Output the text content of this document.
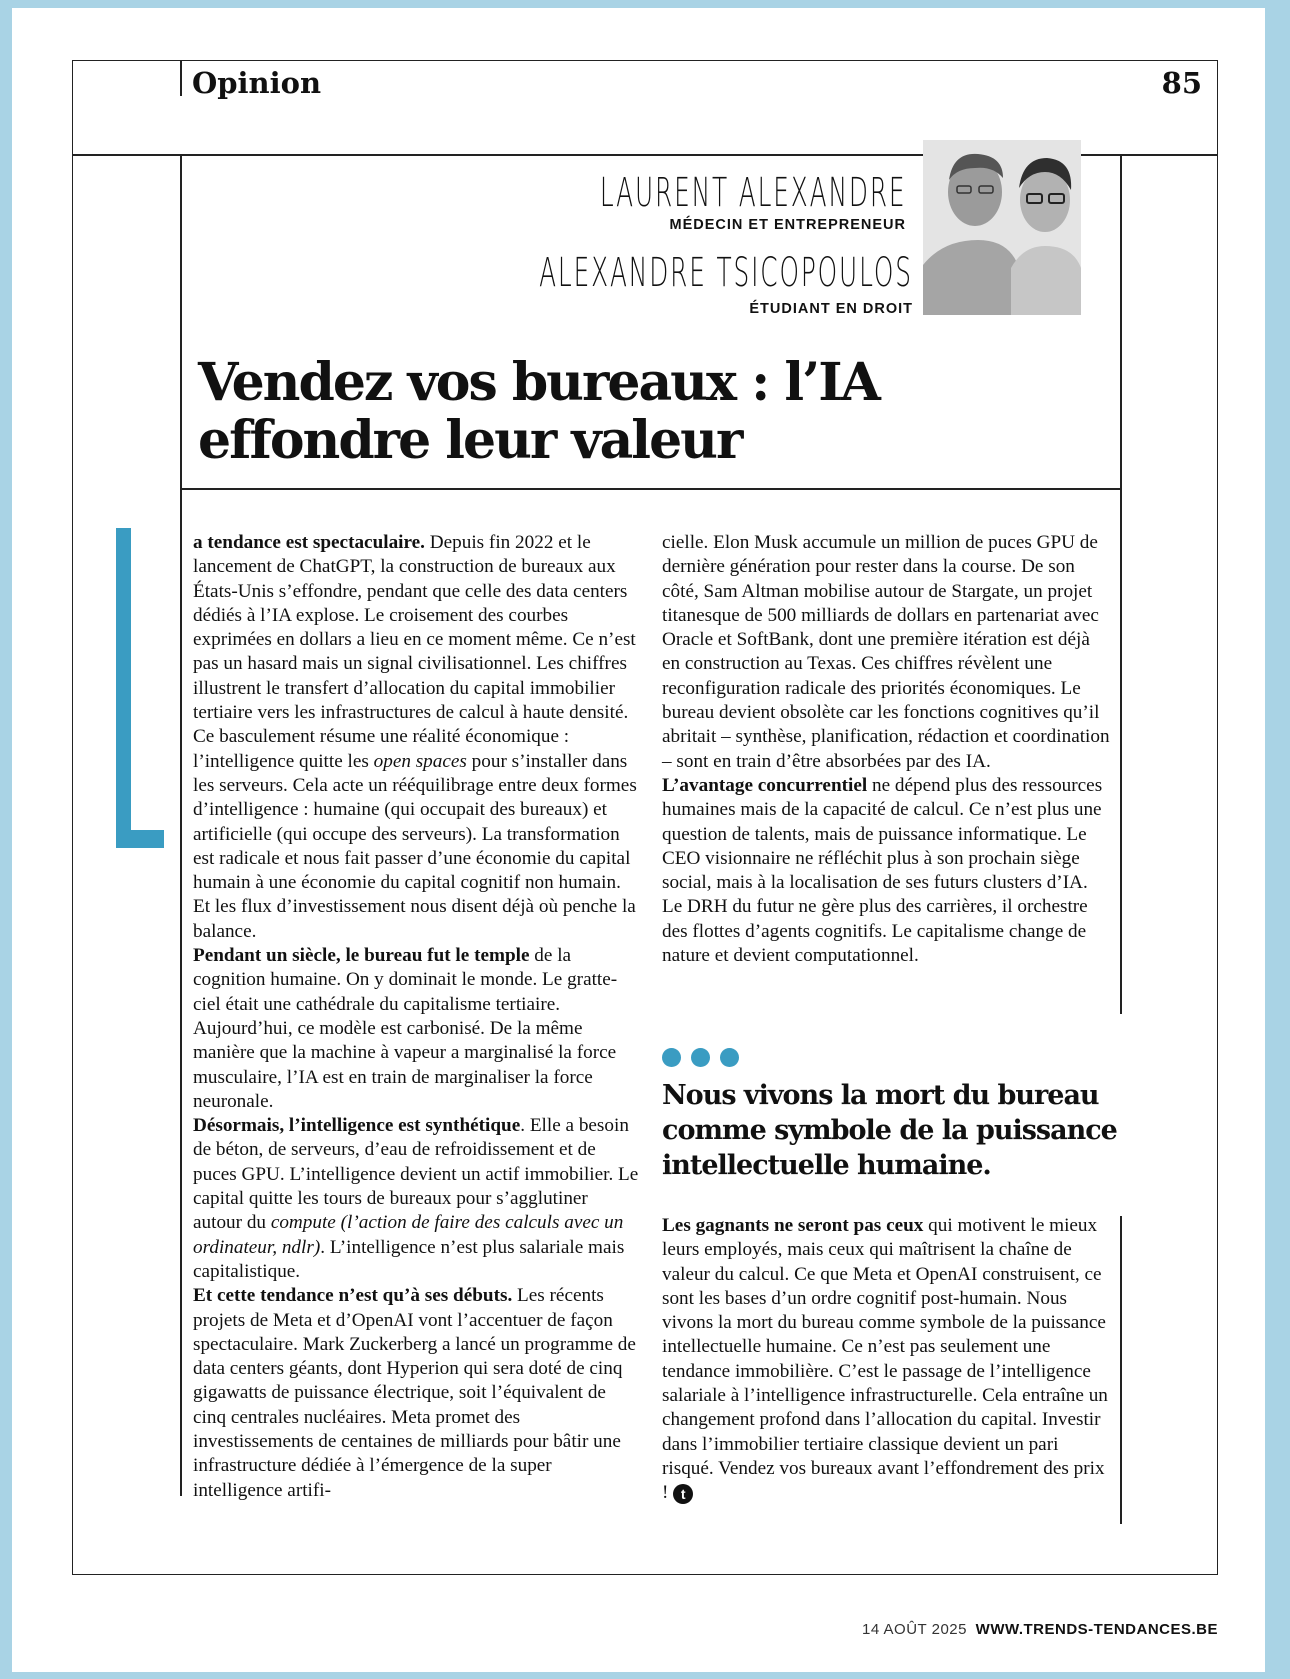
Opinion	85
LAURENT ALEXANDRE
MÉDECIN ET ENTREPRENEUR
ALEXANDRE TSICOPOULOS
ÉTUDIANT EN DROIT
Vendez vos bureaux : l’IA effondre leur valeur

a tendance est spectaculaire. Depuis fin 2022 et le lancement de ChatGPT, la construction de bureaux aux États-Unis s’effondre, pendant que celle des data centers dédiés à l’IA explose. Le croisement des courbes exprimées en dollars a lieu en ce moment même. Ce n’est pas un hasard mais un signal civilisationnel. Les chiffres illustrent le transfert d’allocation du capital immobilier tertiaire vers les infrastructures de calcul à haute densité. Ce basculement résume une réalité économique : l’intelligence quitte les open spaces pour s’installer dans les serveurs. Cela acte un rééquilibrage entre deux formes d’intelligence : humaine (qui occupait des bureaux) et artificielle (qui occupe des serveurs). La transformation est radicale et nous fait passer d’une économie du capital humain à une économie du capital cognitif non humain. Et les flux d’investissement nous disent déjà où penche la balance.

Pendant un siècle, le bureau fut le temple de la cognition humaine. On y dominait le monde. Le gratte-ciel était une cathédrale du capitalisme tertiaire. Aujourd’hui, ce modèle est carbonisé. De la même manière que la machine à vapeur a marginalisé la force musculaire, l’IA est en train de marginaliser la force neuronale.

Désormais, l’intelligence est synthétique. Elle a besoin de béton, de serveurs, d’eau de refroidissement et de puces GPU. L’intelligence devient un actif immobilier. Le capital quitte les tours de bureaux pour s’agglutiner autour du compute (l’action de faire des calculs avec un ordinateur, ndlr). L’intelligence n’est plus salariale mais capitalistique.

Et cette tendance n’est qu’à ses débuts. Les récents projets de Meta et d’OpenAI vont l’accentuer de façon spectaculaire. Mark Zuckerberg a lancé un programme de data centers géants, dont Hyperion qui sera doté de cinq gigawatts de puissance électrique, soit l’équivalent de cinq centrales nucléaires. Meta promet des investissements de centaines de milliards pour bâtir une infrastructure dédiée à l’émergence de la super intelligence artifi-

cielle. Elon Musk accumule un million de puces GPU de dernière génération pour rester dans la course. De son côté, Sam Altman mobilise autour de Stargate, un projet titanesque de 500 milliards de dollars en partenariat avec Oracle et SoftBank, dont une première itération est déjà en construction au Texas. Ces chiffres révèlent une reconfiguration radicale des priorités économiques. Le bureau devient obsolète car les fonctions cognitives qu’il abritait – synthèse, planification, rédaction et coordination – sont en train d’être absorbées par des IA.

L’avantage concurrentiel ne dépend plus des ressources humaines mais de la capacité de calcul. Ce n’est plus une question de talents, mais de puissance informatique. Le CEO visionnaire ne réfléchit plus à son prochain siège social, mais à la localisation de ses futurs clusters d’IA. Le DRH du futur ne gère plus des carrières, il orchestre des flottes d’agents cognitifs. Le capitalisme change de nature et devient computationnel.

Nous vivons la mort du bureau comme symbole de la puissance intellectuelle humaine.

Les gagnants ne seront pas ceux qui motivent le mieux leurs employés, mais ceux qui maîtrisent la chaîne de valeur du calcul. Ce que Meta et OpenAI construisent, ce sont les bases d’un ordre cognitif post-humain. Nous vivons la mort du bureau comme symbole de la puissance intellectuelle humaine. Ce n’est pas seulement une tendance immobilière. C’est le passage de l’intelligence salariale à l’intelligence infrastructurelle. Cela entraîne un changement profond dans l’allocation du capital. Investir dans l’immobilier tertiaire classique devient un pari risqué. Vendez vos bureaux avant l’effondrement des prix ! t

14 AOÛT 2025 WWW.TRENDS-TENDANCES.BE
